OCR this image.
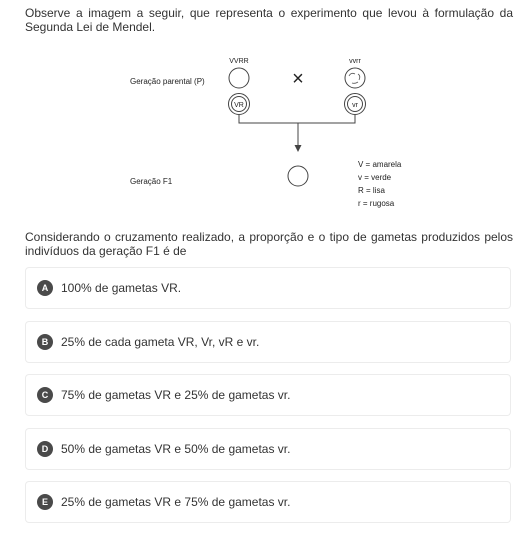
Observe a imagem a seguir, que representa o experimento que levou à formulação da Segunda Lei de Mendel.

Geração parental (P)
Geração F1
VVRR	vvrr
×
VR	vr
V = amarela
v = verde
R = lisa
r = rugosa

Considerando o cruzamento realizado, a proporção e o tipo de gametas produzidos pelos indivíduos da geração F1 é de

A	100% de gametas VR.
B	25% de cada gameta VR, Vr, vR e vr.
C	75% de gametas VR e 25% de gametas vr.
D	50% de gametas VR e 50% de gametas vr.
E	25% de gametas VR e 75% de gametas vr.
